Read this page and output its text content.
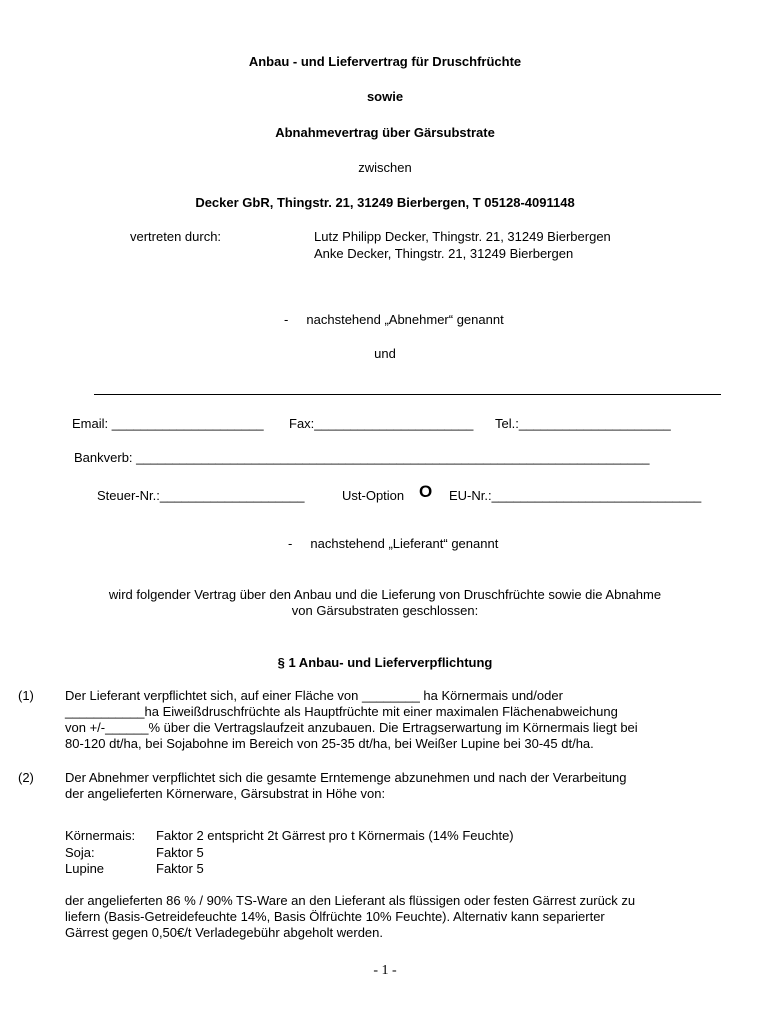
Anbau - und Liefervertrag für Druschfrüchte
sowie
Abnahmevertrag über Gärsubstrate
zwischen
Decker GbR, Thingstr. 21, 31249 Bierbergen, T 05128-4091148
vertreten durch:	Lutz Philipp Decker, Thingstr. 21, 31249 Bierbergen
Anke Decker, Thingstr. 21, 31249 Bierbergen
-     nachstehend „Abnehmer“ genannt
und
Email: _____________________ Fax:______________________ Tel.:_____________________
Bankverb: _______________________________________________________________________
Steuer-Nr.:____________________	Ust-Option O EU-Nr.:_____________________________
-     nachstehend „Lieferant“ genannt
wird folgender Vertrag über den Anbau und die Lieferung von Druschfrüchte sowie die Abnahme
von Gärsubstraten geschlossen:
§ 1 Anbau- und Lieferverpflichtung
(1) Der Lieferant verpflichtet sich, auf einer Fläche von ________ ha Körnermais und/oder
___________ha Eiweißdruschfrüchte als Hauptfrüchte mit einer maximalen Flächenabweichung
von +/-______% über die Vertragslaufzeit anzubauen. Die Ertragserwartung im Körnermais liegt bei
80-120 dt/ha, bei Sojabohne im Bereich von 25-35 dt/ha, bei Weißer Lupine bei 30-45 dt/ha.
(2) Der Abnehmer verpflichtet sich die gesamte Erntemenge abzunehmen und nach der Verarbeitung
der angelieferten Körnerware, Gärsubstrat in Höhe von:
Körnermais: Faktor 2 entspricht 2t Gärrest pro t Körnermais (14% Feuchte)
Soja:	Faktor 5
Lupine	Faktor 5
der angelieferten 86 % / 90% TS-Ware an den Lieferant als flüssigen oder festen Gärrest zurück zu
liefern (Basis-Getreidefeuchte 14%, Basis Ölfrüchte 10% Feuchte). Alternativ kann separierter
Gärrest gegen 0,50€/t Verladegebühr abgeholt werden.
- 1 -
